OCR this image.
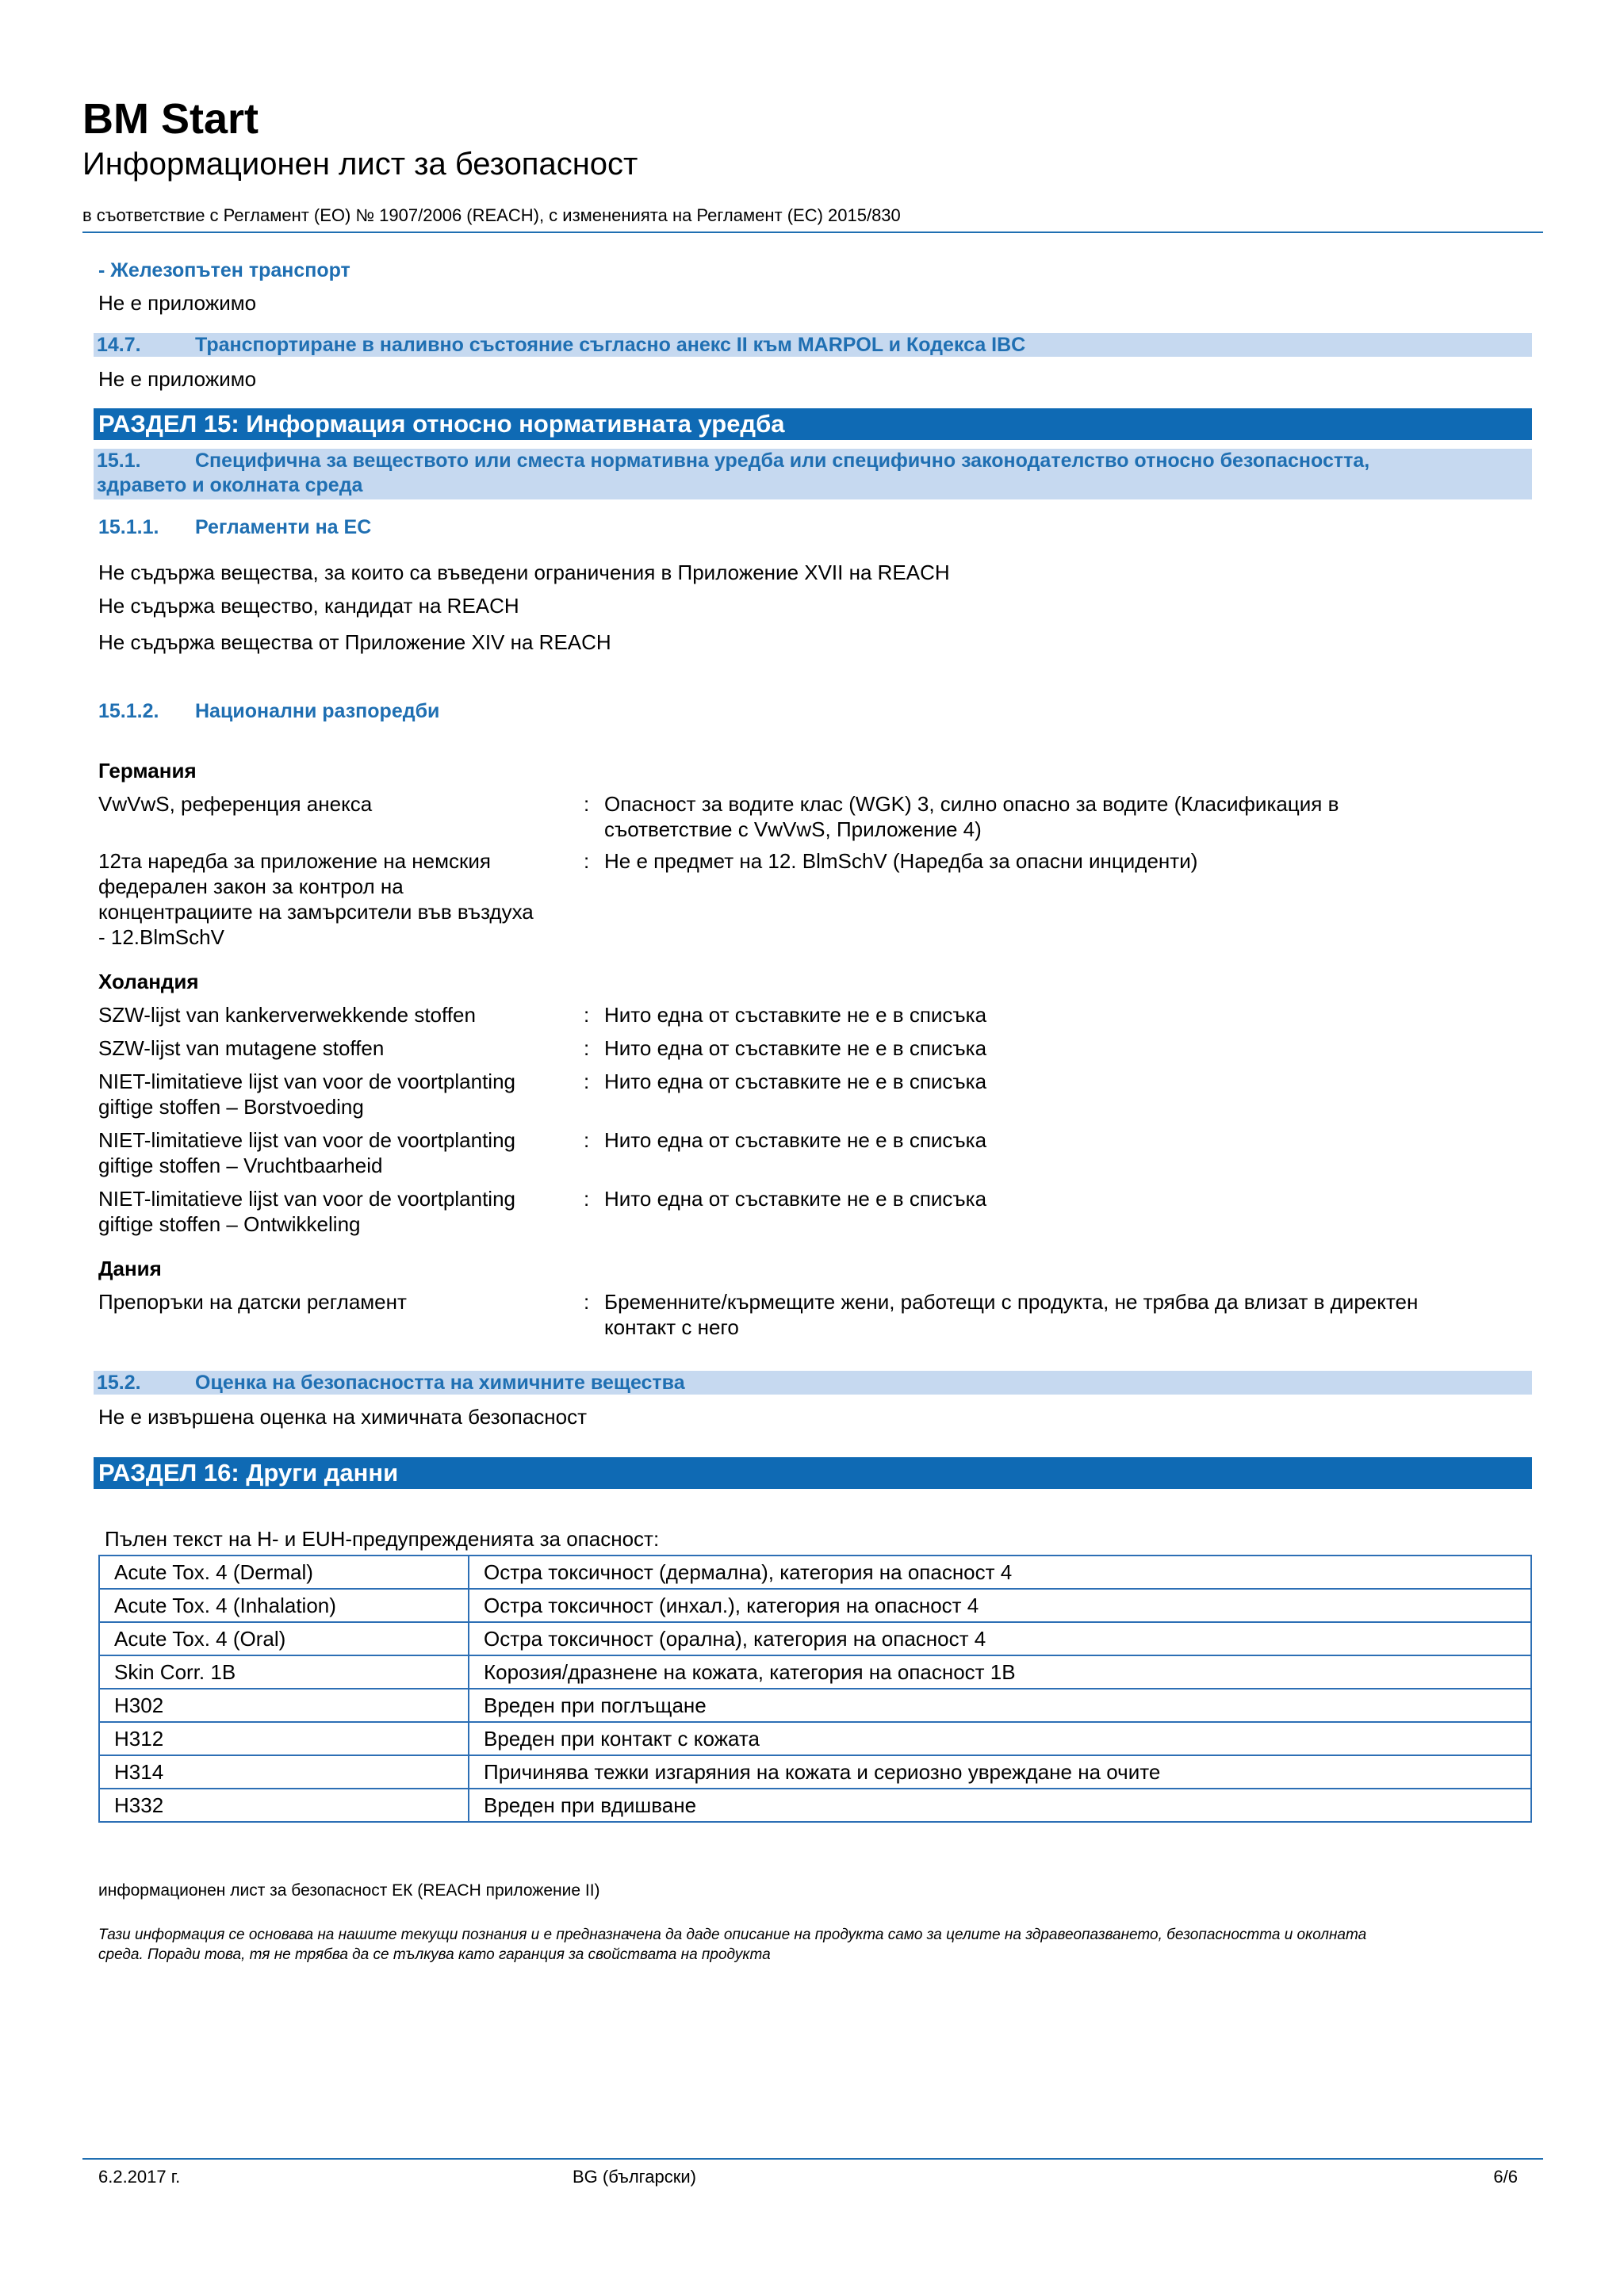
BM Start
Информационен лист за безопасност
в съответствие с Регламент (ЕО) № 1907/2006 (REACH), с измененията на Регламент (ЕС) 2015/830
- Железопътен транспорт
Не е приложимо
14.7.	Транспортиране в наливно състояние съгласно анекс II към MARPOL и Кодекса IBC
Не е приложимо
РАЗДЕЛ 15: Информация относно нормативната уредба
15.1.	Специфична за веществото или сместа нормативна уредба или специфично законодателство относно безопасността,
здравето и околната среда
15.1.1. Регламенти на ЕС
Не съдържа вещества, за които са въведени ограничения в Приложение XVII на REACH
Не съдържа вещество, кандидат на REACH
Не съдържа вещества от Приложение XIV на REACH
15.1.2. Национални разпоредби
Германия
VwVwS, референция анекса	: Опасност за водите клас (WGK) 3, силно опасно за водите (Класификация в
съответствие с VwVwS, Приложение 4)
12та наредба за приложение на немския
федерален закон за контрол на
концентрациите на замърсители във въздуха
- 12.BlmSchV
: Не е предмет на 12. BlmSchV (Наредба за опасни инциденти)
Холандия
SZW-lijst van kankerverwekkende stoffen	: Нито една от съставките не е в списъка
SZW-lijst van mutagene stoffen	: Нито една от съставките не е в списъка
NIET-limitatieve lijst van voor de voortplanting
giftige stoffen – Borstvoeding
: Нито една от съставките не е в списъка
NIET-limitatieve lijst van voor de voortplanting
giftige stoffen – Vruchtbaarheid
: Нито една от съставките не е в списъка
NIET-limitatieve lijst van voor de voortplanting
giftige stoffen – Ontwikkeling
: Нито една от съставките не е в списъка
Дания
Препоръки на датски регламент	: Бременните/кърмещите жени, работещи с продукта, не трябва да влизат в директен
контакт с него
15.2.	Оценка на безопасността на химичните вещества
Не е извършена оценка на химичната безопасност
РАЗДЕЛ 16: Други данни
Пълен текст на H- и EUH-предупрежденията за опасност:
Acute Tox. 4 (Dermal)	Остра токсичност (дермална), категория на опасност 4
Acute Tox. 4 (Inhalation)	Остра токсичност (инхал.), категория на опасност 4
Acute Tox. 4 (Oral)	Остра токсичност (орална), категория на опасност 4
Skin Corr. 1B	Корозия/дразнене на кожата, категория на опасност 1B
H302	Вреден при поглъщане
H312	Вреден при контакт с кожата
H314	Причинява тежки изгаряния на кожата и сериозно увреждане на очите
H332	Вреден при вдишване
информационен лист за безопасност ЕК (REACH приложение II)
Тази информация се основава на нашите текущи познания и е предназначена да даде описание на продукта само за целите на здравеопазването, безопасността и околната
среда. Поради това, тя не трябва да се тълкува като гаранция за свойствата на продукта
6.2.2017 г.	BG (български)	6/6
